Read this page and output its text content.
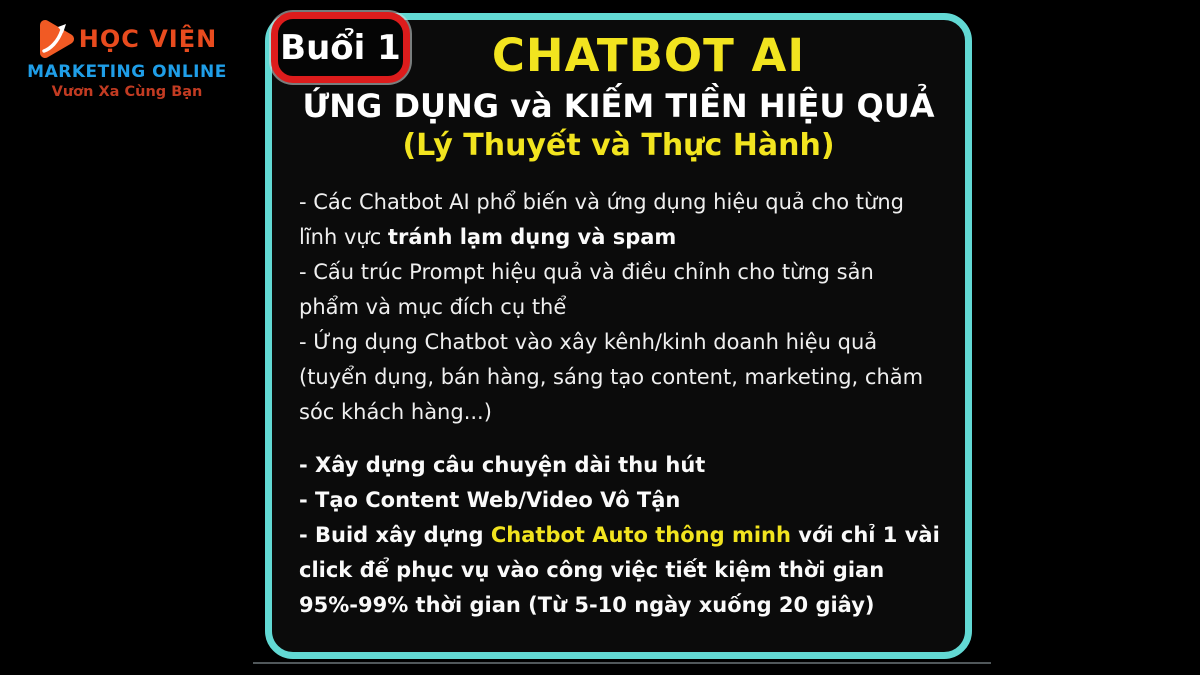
HỌC VIỆN
MARKETING ONLINE
Vươn Xa Cùng Bạn
Buổi 1	CHATBOT AI
ỨNG DỤNG và KIẾM TIỀN HIỆU QUẢ
(Lý Thuyết và Thực Hành)
- Các Chatbot AI phổ biến và ứng dụng hiệu quả cho từng
lĩnh vực tránh lạm dụng và spam
- Cấu trúc Prompt hiệu quả và điều chỉnh cho từng sản
phẩm và mục đích cụ thể
- Ứng dụng Chatbot vào xây kênh/kinh doanh hiệu quả
(tuyển dụng, bán hàng, sáng tạo content, marketing, chăm
sóc khách hàng...)
- Xây dựng câu chuyện dài thu hút
- Tạo Content Web/Video Vô Tận
- Buid xây dựng Chatbot Auto thông minh với chỉ 1 vài
click để phục vụ vào công việc tiết kiệm thời gian
95%-99% thời gian (Từ 5-10 ngày xuống 20 giây)
